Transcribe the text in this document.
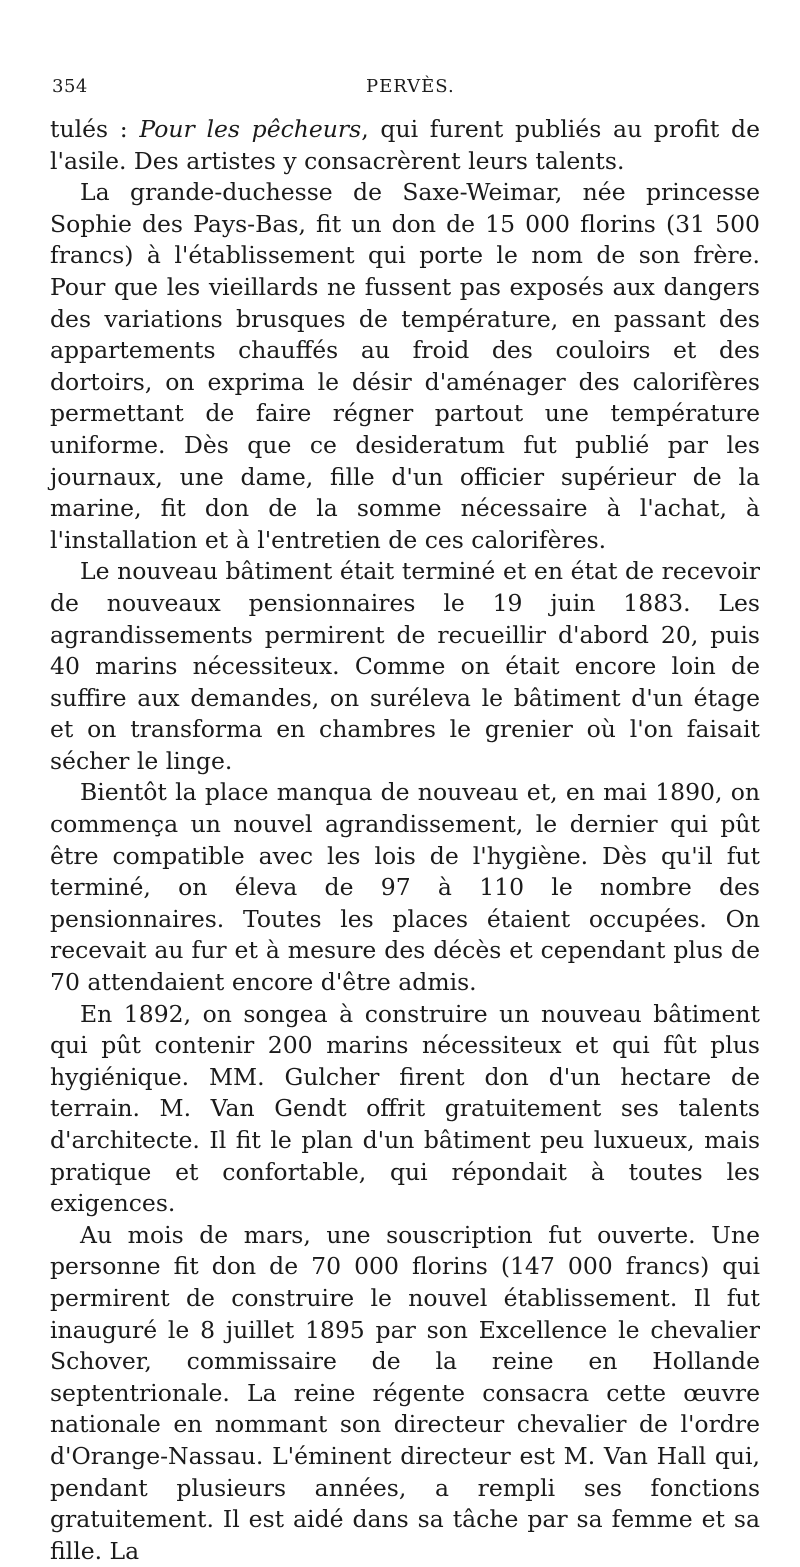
354	PERVÈS.

tulés : Pour les pêcheurs, qui furent publiés au profit de l'asile. Des artistes y consacrèrent leurs talents.

La grande-duchesse de Saxe-Weimar, née princesse Sophie des Pays-Bas, fit un don de 15 000 florins (31 500 francs) à l'établissement qui porte le nom de son frère. Pour que les vieillards ne fussent pas exposés aux dangers des variations brusques de température, en passant des appartements chauffés au froid des couloirs et des dortoirs, on exprima le désir d'aménager des calorifères permettant de faire régner partout une température uniforme. Dès que ce desideratum fut publié par les journaux, une dame, fille d'un officier supérieur de la marine, fit don de la somme nécessaire à l'achat, à l'installation et à l'entretien de ces calorifères.

Le nouveau bâtiment était terminé et en état de recevoir de nouveaux pensionnaires le 19 juin 1883. Les agrandissements permirent de recueillir d'abord 20, puis 40 marins nécessiteux. Comme on était encore loin de suffire aux demandes, on suréleva le bâtiment d'un étage et on transforma en chambres le grenier où l'on faisait sécher le linge.

Bientôt la place manqua de nouveau et, en mai 1890, on commença un nouvel agrandissement, le dernier qui pût être compatible avec les lois de l'hygiène. Dès qu'il fut terminé, on éleva de 97 à 110 le nombre des pensionnaires. Toutes les places étaient occupées. On recevait au fur et à mesure des décès et cependant plus de 70 attendaient encore d'être admis.

En 1892, on songea à construire un nouveau bâtiment qui pût contenir 200 marins nécessiteux et qui fût plus hygiénique. MM. Gulcher firent don d'un hectare de terrain. M. Van Gendt offrit gratuitement ses talents d'architecte. Il fit le plan d'un bâtiment peu luxueux, mais pratique et confortable, qui répondait à toutes les exigences.

Au mois de mars, une souscription fut ouverte. Une personne fit don de 70 000 florins (147 000 francs) qui permirent de construire le nouvel établissement. Il fut inauguré le 8 juillet 1895 par son Excellence le chevalier Schover, commissaire de la reine en Hollande septentrionale. La reine régente consacra cette œuvre nationale en nommant son directeur chevalier de l'ordre d'Orange-Nassau. L'éminent directeur est M. Van Hall qui, pendant plusieurs années, a rempli ses fonctions gratuitement. Il est aidé dans sa tâche par sa femme et sa fille. La
